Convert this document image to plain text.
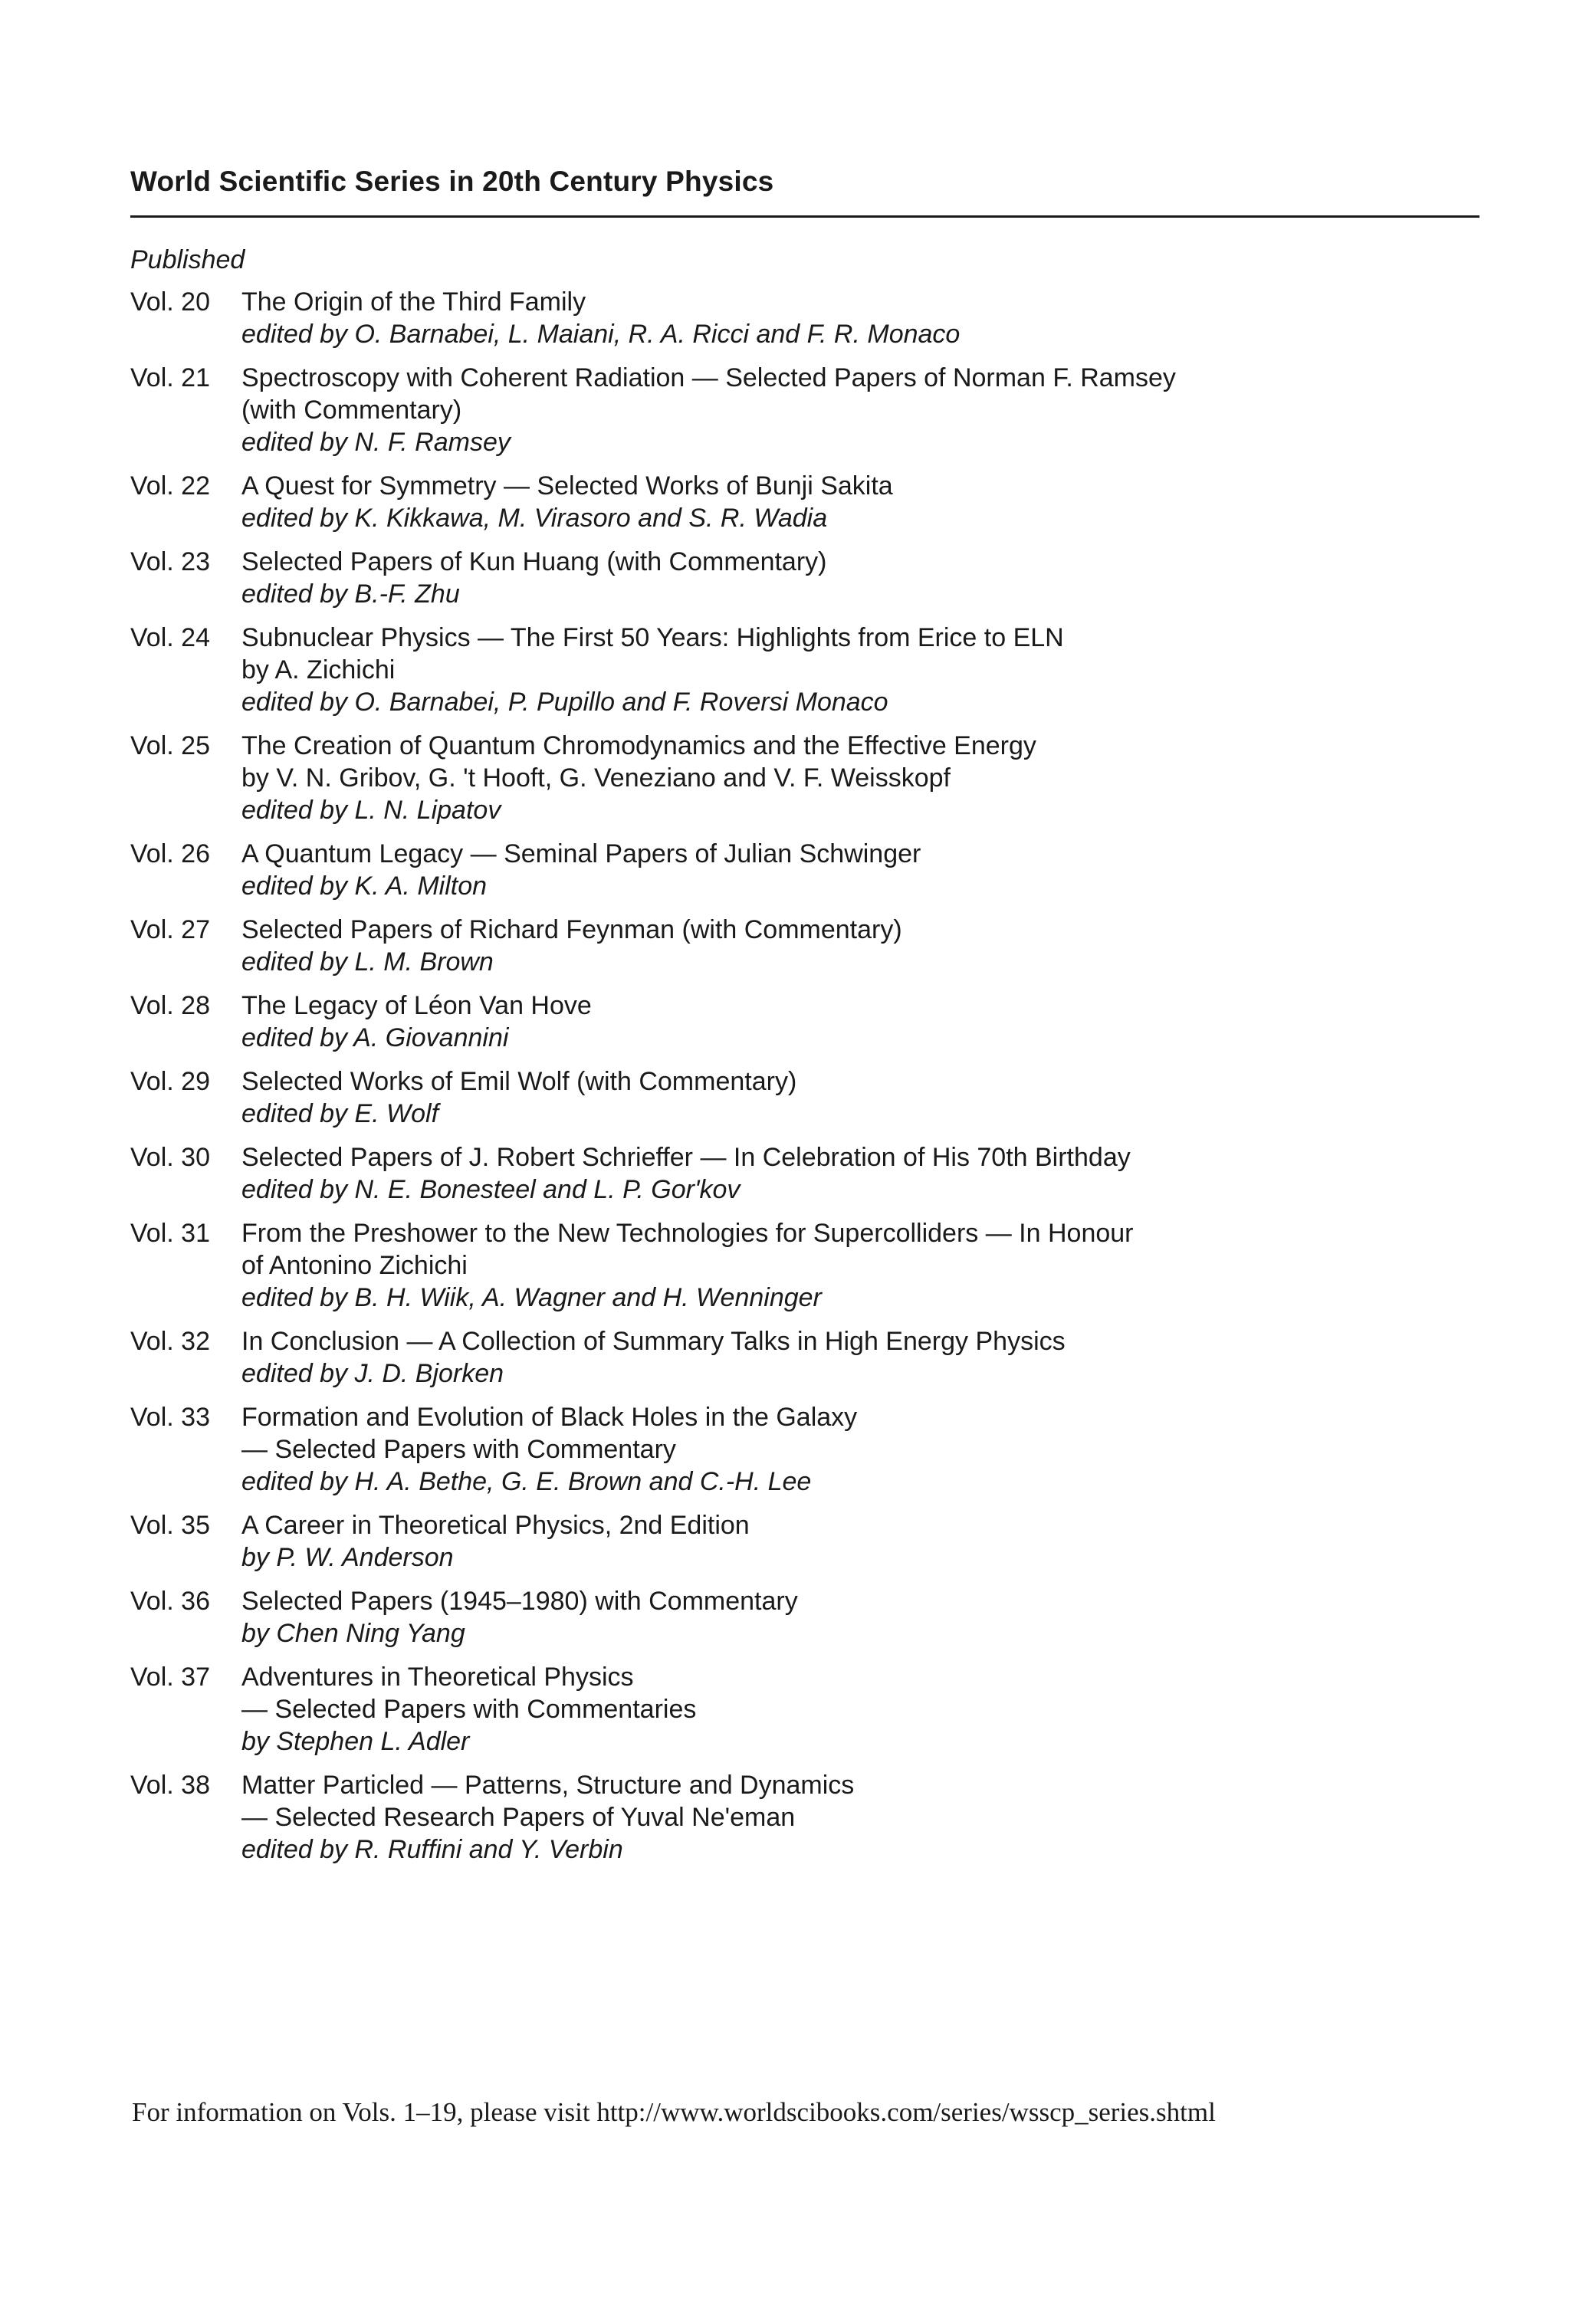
World Scientific Series in 20th Century Physics
Published
Vol. 20	The Origin of the Third Family
edited by O. Barnabei, L. Maiani, R. A. Ricci and F. R. Monaco
Vol. 21	Spectroscopy with Coherent Radiation — Selected Papers of Norman F. Ramsey
(with Commentary)
edited by N. F. Ramsey
Vol. 22	A Quest for Symmetry — Selected Works of Bunji Sakita
edited by K. Kikkawa, M. Virasoro and S. R. Wadia
Vol. 23	Selected Papers of Kun Huang (with Commentary)
edited by B.-F. Zhu
Vol. 24	Subnuclear Physics — The First 50 Years: Highlights from Erice to ELN
by A. Zichichi
edited by O. Barnabei, P. Pupillo and F. Roversi Monaco
Vol. 25	The Creation of Quantum Chromodynamics and the Effective Energy
by V. N. Gribov, G. 't Hooft, G. Veneziano and V. F. Weisskopf
edited by L. N. Lipatov
Vol. 26	A Quantum Legacy — Seminal Papers of Julian Schwinger
edited by K. A. Milton
Vol. 27	Selected Papers of Richard Feynman (with Commentary)
edited by L. M. Brown
Vol. 28	The Legacy of Léon Van Hove
edited by A. Giovannini
Vol. 29	Selected Works of Emil Wolf (with Commentary)
edited by E. Wolf
Vol. 30	Selected Papers of J. Robert Schrieffer — In Celebration of His 70th Birthday
edited by N. E. Bonesteel and L. P. Gor'kov
Vol. 31	From the Preshower to the New Technologies for Supercolliders — In Honour
of Antonino Zichichi
edited by B. H. Wiik, A. Wagner and H. Wenninger
Vol. 32	In Conclusion — A Collection of Summary Talks in High Energy Physics
edited by J. D. Bjorken
Vol. 33	Formation and Evolution of Black Holes in the Galaxy
— Selected Papers with Commentary
edited by H. A. Bethe, G. E. Brown and C.-H. Lee
Vol. 35	A Career in Theoretical Physics, 2nd Edition
by P. W. Anderson
Vol. 36	Selected Papers (1945–1980) with Commentary
by Chen Ning Yang
Vol. 37	Adventures in Theoretical Physics
— Selected Papers with Commentaries
by Stephen L. Adler
Vol. 38	Matter Particled — Patterns, Structure and Dynamics
— Selected Research Papers of Yuval Ne'eman
edited by R. Ruffini and Y. Verbin
For information on Vols. 1–19, please visit http://www.worldscibooks.com/series/wsscp_series.shtml
